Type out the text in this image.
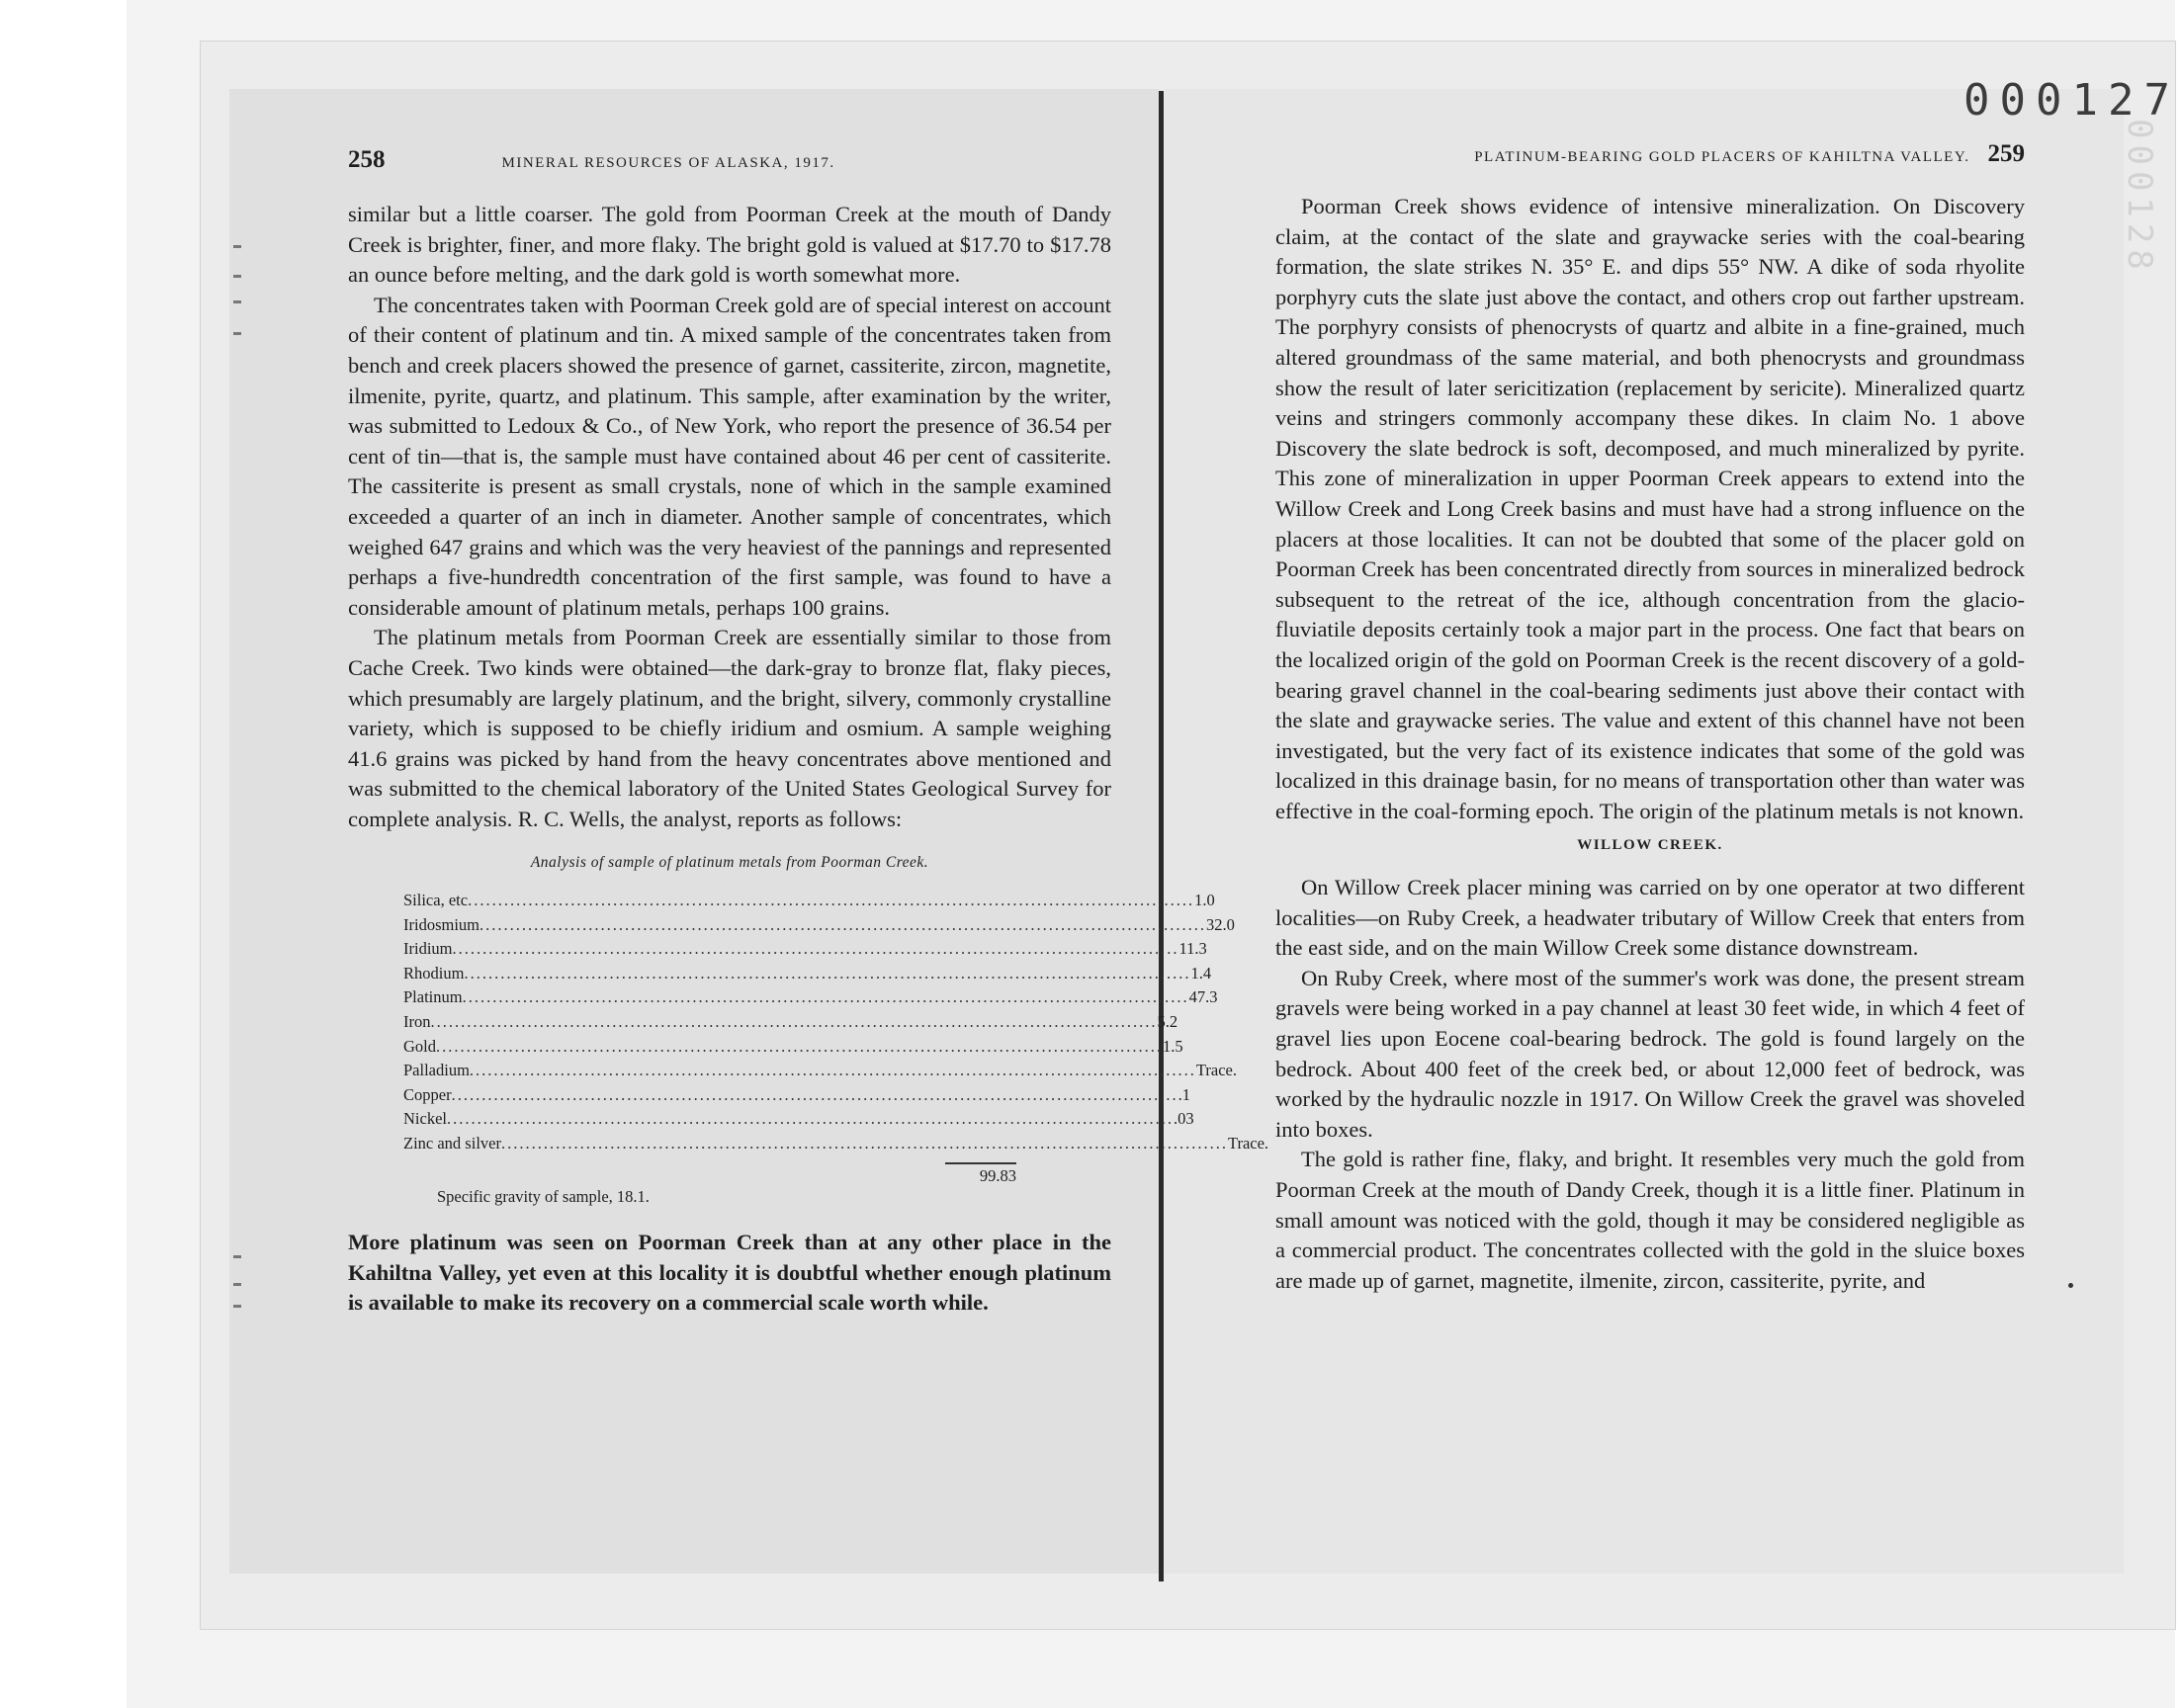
000127
000128
258	MINERAL RESOURCES OF ALASKA, 1917.	PLATINUM-BEARING GOLD PLACERS OF KAHILTNA VALLEY. 259

similar but a little coarser. The gold from Poorman Creek at the mouth of Dandy Creek is brighter, finer, and more flaky. The bright gold is valued at $17.70 to $17.78 an ounce before melting, and the dark gold is worth somewhat more.

The concentrates taken with Poorman Creek gold are of special interest on account of their content of platinum and tin. A mixed sample of the concentrates taken from bench and creek placers showed the presence of garnet, cassiterite, zircon, magnetite, ilmenite, pyrite, quartz, and platinum. This sample, after examination by the writer, was submitted to Ledoux & Co., of New York, who report the presence of 36.54 per cent of tin—that is, the sample must have contained about 46 per cent of cassiterite. The cassiterite is present as small crystals, none of which in the sample examined exceeded a quarter of an inch in diameter. Another sample of concentrates, which weighed 647 grains and which was the very heaviest of the pannings and represented perhaps a five-hundredth concentration of the first sample, was found to have a considerable amount of platinum metals, perhaps 100 grains.

The platinum metals from Poorman Creek are essentially similar to those from Cache Creek. Two kinds were obtained—the dark-gray to bronze flat, flaky pieces, which presumably are largely platinum, and the bright, silvery, commonly crystalline variety, which is supposed to be chiefly iridium and osmium. A sample weighing 41.6 grains was picked by hand from the heavy concentrates above mentioned and was submitted to the chemical laboratory of the United States Geological Survey for complete analysis. R. C. Wells, the analyst, reports as follows:

Analysis of sample of platinum metals from Poorman Creek.
Silica, etc ........................................................................................................................ 1.0
Iridosmium ........................................................................................................................ 32.0
Iridium ........................................................................................................................ 11.3
Rhodium ........................................................................................................................ 1.4
Platinum ........................................................................................................................ 47.3
Iron ........................................................................................................................ 5.2
Gold ........................................................................................................................ 1.5
Palladium ........................................................................................................................ Trace.
Copper ........................................................................................................................ .1
Nickel ........................................................................................................................ .03
Zinc and silver ........................................................................................................................ Trace.
99.83
Specific gravity of sample, 18.1.

More platinum was seen on Poorman Creek than at any other place in the Kahiltna Valley, yet even at this locality it is doubtful whether enough platinum is available to make its recovery on a commercial scale worth while.

Poorman Creek shows evidence of intensive mineralization. On Discovery claim, at the contact of the slate and graywacke series with the coal-bearing formation, the slate strikes N. 35° E. and dips 55° NW. A dike of soda rhyolite porphyry cuts the slate just above the contact, and others crop out farther upstream. The porphyry consists of phenocrysts of quartz and albite in a fine-grained, much altered groundmass of the same material, and both phenocrysts and groundmass show the result of later sericitization (replacement by sericite). Mineralized quartz veins and stringers commonly accompany these dikes. In claim No. 1 above Discovery the slate bedrock is soft, decomposed, and much mineralized by pyrite. This zone of mineralization in upper Poorman Creek appears to extend into the Willow Creek and Long Creek basins and must have had a strong influence on the placers at those localities. It can not be doubted that some of the placer gold on Poorman Creek has been concentrated directly from sources in mineralized bedrock subsequent to the retreat of the ice, although concentration from the glacio-fluviatile deposits certainly took a major part in the process. One fact that bears on the localized origin of the gold on Poorman Creek is the recent discovery of a gold-bearing gravel channel in the coal-bearing sediments just above their contact with the slate and graywacke series. The value and extent of this channel have not been investigated, but the very fact of its existence indicates that some of the gold was localized in this drainage basin, for no means of transportation other than water was effective in the coal-forming epoch. The origin of the platinum metals is not known.

WILLOW CREEK.

On Willow Creek placer mining was carried on by one operator at two different localities—on Ruby Creek, a headwater tributary of Willow Creek that enters from the east side, and on the main Willow Creek some distance downstream.

On Ruby Creek, where most of the summer's work was done, the present stream gravels were being worked in a pay channel at least 30 feet wide, in which 4 feet of gravel lies upon Eocene coal-bearing bedrock. The gold is found largely on the bedrock. About 400 feet of the creek bed, or about 12,000 feet of bedrock, was worked by the hydraulic nozzle in 1917. On Willow Creek the gravel was shoveled into boxes.

The gold is rather fine, flaky, and bright. It resembles very much the gold from Poorman Creek at the mouth of Dandy Creek, though it is a little finer. Platinum in small amount was noticed with the gold, though it may be considered negligible as a commercial product. The concentrates collected with the gold in the sluice boxes are made up of garnet, magnetite, ilmenite, zircon, cassiterite, pyrite, and
